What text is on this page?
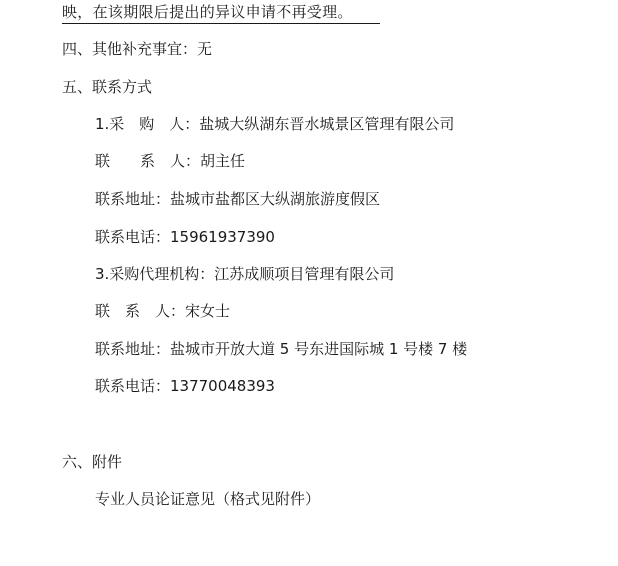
映，在该期限后提出的异议申请不再受理。
四、其他补充事宜：无
五、联系方式
1.采　购　人：盐城大纵湖东晋水城景区管理有限公司
联　　系　人：胡主任
联系地址：盐城市盐都区大纵湖旅游度假区
联系电话：15961937390
3.采购代理机构：江苏成顺项目管理有限公司
联　系　人：宋女士
联系地址：盐城市开放大道 5 号东进国际城 1 号楼 7 楼
联系电话：13770048393
六、附件
专业人员论证意见（格式见附件）
